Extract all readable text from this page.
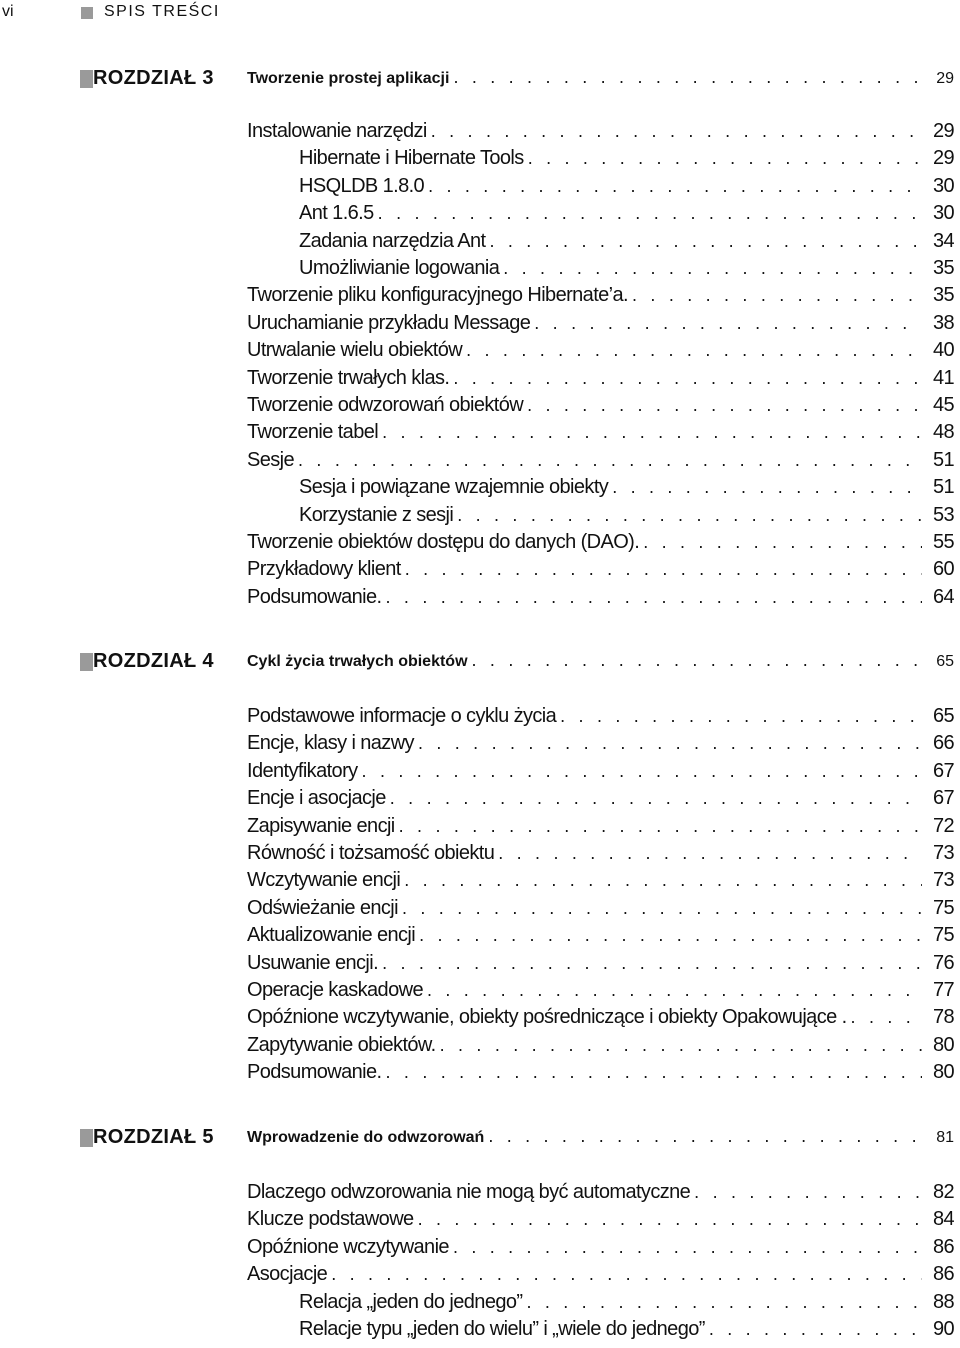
vi	SPIS TREŚCI
ROZDZIAŁ 3 Tworzenie prostej aplikacji . . .	29
Instalowanie narzędzi . . .	29
Hibernate i Hibernate Tools . . .	29
HSQLDB 1.8.0 . . .	30
Ant 1.6.5 . . .	30
Zadania narzędzia Ant . . .	34
Umożliwianie logowania . . .	35
Tworzenie pliku konfiguracyjnego Hibernate’a. . . .	35
Uruchamianie przykładu Message . . .	38
Utrwalanie wielu obiektów . . .	40
Tworzenie trwałych klas. . . .	41
Tworzenie odwzorowań obiektów . . .	45
Tworzenie tabel . . .	48
Sesje . . .	51
Sesja i powiązane wzajemnie obiekty . . .	51
Korzystanie z sesji . . .	53
Tworzenie obiektów dostępu do danych (DAO). . . .	55
Przykładowy klient . . .	60
Podsumowanie. . . .	64
ROZDZIAŁ 4 Cykl życia trwałych obiektów . . .	65
Podstawowe informacje o cyklu życia . . .	65
Encje, klasy i nazwy . . .	66
Identyfikatory . . .	67
Encje i asocjacje . . .	67
Zapisywanie encji . . .	72
Równość i tożsamość obiektu . . .	73
Wczytywanie encji . . .	73
Odświeżanie encji . . .	75
Aktualizowanie encji . . .	75
Usuwanie encji. . . .	76
Operacje kaskadowe . . .	77
Opóźnione wczytywanie, obiekty pośredniczące i obiekty Opakowujące . . . .	78
Zapytywanie obiektów. . . .	80
Podsumowanie. . . .	80
ROZDZIAŁ 5 Wprowadzenie do odwzorowań . . .	81
Dlaczego odwzorowania nie mogą być automatyczne . . .	82
Klucze podstawowe . . .	84
Opóźnione wczytywanie . . .	86
Asocjacje . . .	86
Relacja „jeden do jednego” . . .	88
Relacje typu „jeden do wielu” i „wiele do jednego” . . .	90
